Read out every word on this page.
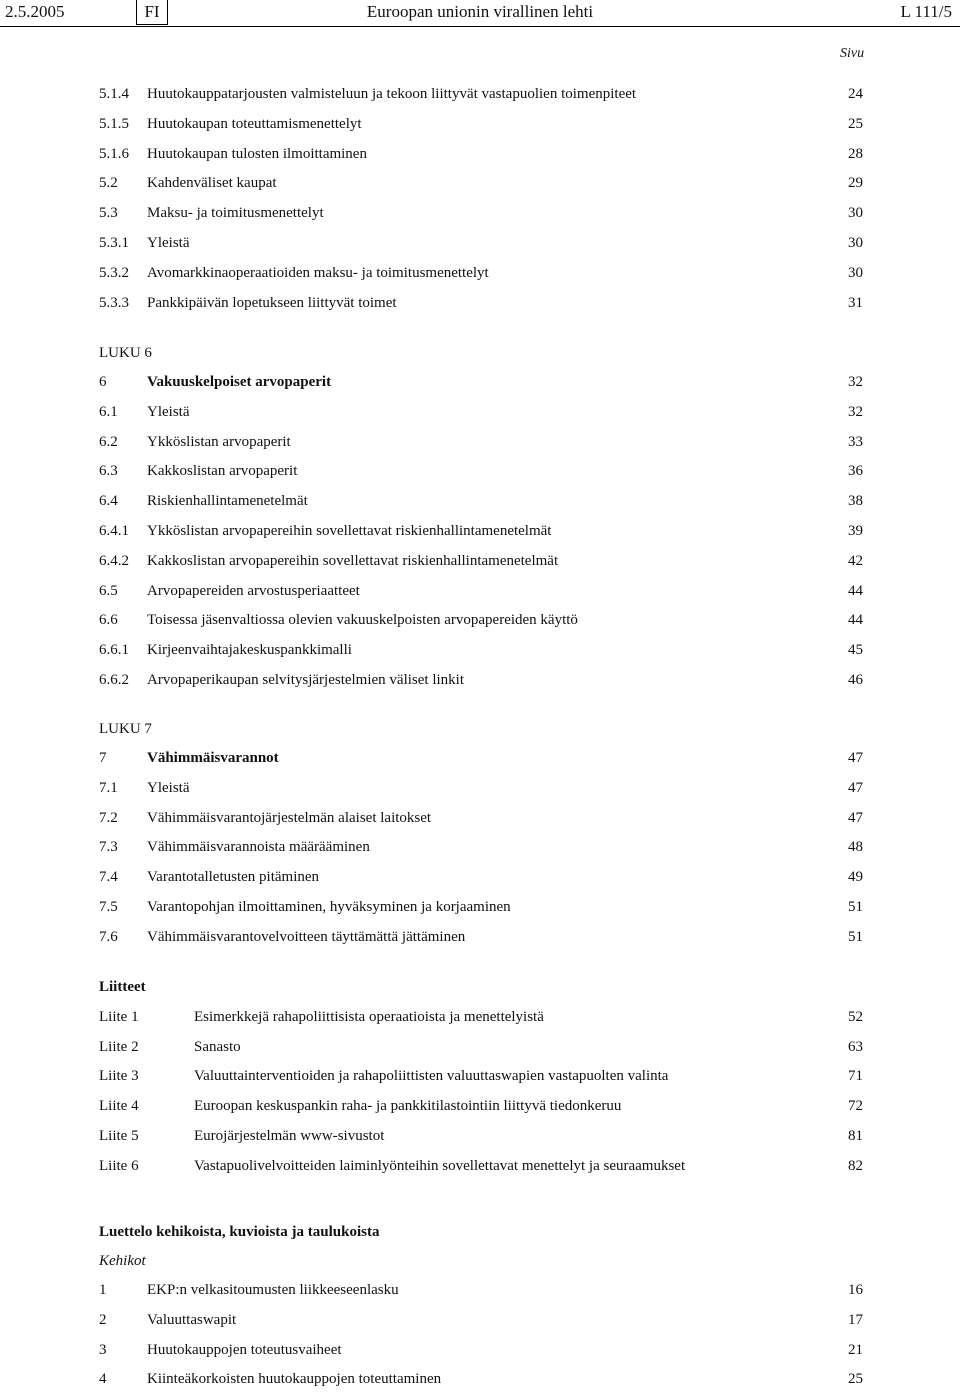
2.5.2005	FI	Euroopan unionin virallinen lehti	L 111/5
Sivu
5.1.4 Huutokauppatarjousten valmisteluun ja tekoon liittyvät vastapuolien toimenpiteet	24
5.1.5 Huutokaupan toteuttamismenettelyt	25
5.1.6 Huutokaupan tulosten ilmoittaminen	28
5.2 Kahdenväliset kaupat	29
5.3 Maksu- ja toimitusmenettelyt	30
5.3.1 Yleistä	30
5.3.2 Avomarkkinaoperaatioiden maksu- ja toimitusmenettelyt	30
5.3.3 Pankkipäivän lopetukseen liittyvät toimet	31
LUKU 6
6	Vakuuskelpoiset arvopaperit	32
6.1 Yleistä	32
6.2 Ykköslistan arvopaperit	33
6.3 Kakkoslistan arvopaperit	36
6.4 Riskienhallintamenetelmät	38
6.4.1 Ykköslistan arvopapereihin sovellettavat riskienhallintamenetelmät	39
6.4.2 Kakkoslistan arvopapereihin sovellettavat riskienhallintamenetelmät	42
6.5 Arvopapereiden arvostusperiaatteet	44
6.6 Toisessa jäsenvaltiossa olevien vakuuskelpoisten arvopapereiden käyttö	44
6.6.1 Kirjeenvaihtajakeskuspankkimalli	45
6.6.2 Arvopaperikaupan selvitysjärjestelmien väliset linkit	46
LUKU 7
7	Vähimmäisvarannot	47
7.1 Yleistä	47
7.2 Vähimmäisvarantojärjestelmän alaiset laitokset	47
7.3 Vähimmäisvarannoista määrääminen	48
7.4 Varantotalletusten pitäminen	49
7.5 Varantopohjan ilmoittaminen, hyväksyminen ja korjaaminen	51
7.6 Vähimmäisvarantovelvoitteen täyttämättä jättäminen	51
Liitteet
Liite 1	Esimerkkejä rahapoliittisista operaatioista ja menettelyistä	52
Liite 2	Sanasto	63
Liite 3	Valuuttainterventioiden ja rahapoliittisten valuuttaswapien vastapuolten valinta	71
Liite 4	Euroopan keskuspankin raha- ja pankkitilastointiin liittyvä tiedonkeruu	72
Liite 5	Eurojärjestelmän www-sivustot	81
Liite 6	Vastapuolivelvoitteiden laiminlyönteihin sovellettavat menettelyt ja seuraamukset	82
Luettelo kehikoista, kuvioista ja taulukoista
Kehikot
1	EKP:n velkasitoumusten liikkeeseenlasku	16
2	Valuuttaswapit	17
3	Huutokauppojen toteutusvaiheet	21
4	Kiinteäkorkoisten huutokauppojen toteuttaminen	25
